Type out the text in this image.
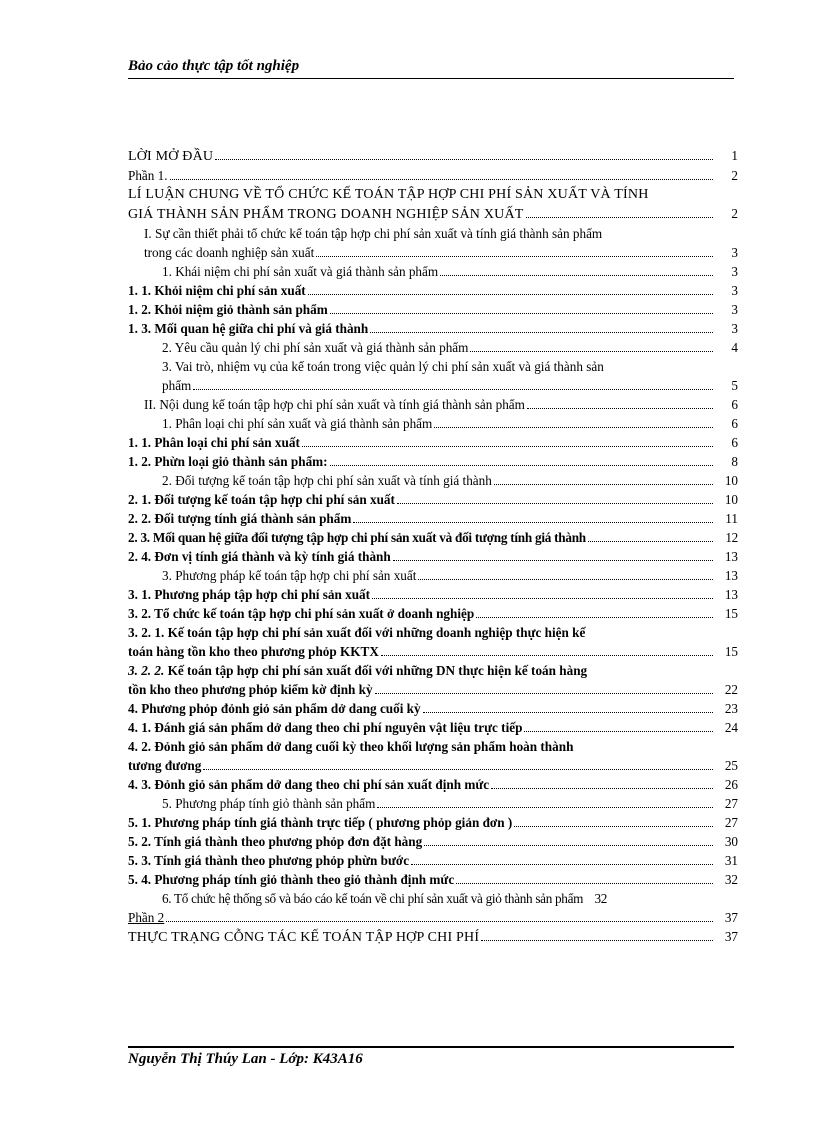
Bảo cảo thực tập tốt nghiệp
LỜI MỞ ĐẦU	1
Phần 1.	2
LÍ LUẬN CHUNG VỀ TỔ CHỨC KẾ TOÁN TẬP HỢP CHI PHÍ SẢN XUẤT VÀ TÍNH
GIÁ THÀNH SẢN PHẨM TRONG DOANH NGHIỆP SẢN XUẤT	2
I. Sự cần thiết phải tổ chức kế toán tập hợp chi phí sản xuất và tính giá thành sản phẩm
trong các doanh nghiệp sản xuất	3
1. Khái niệm chi phí sản xuất và giá thành sản phẩm	3
1. 1. Khỏi niệm chi phí sản xuất	3
1. 2. Khỏi niệm giỏ thành sản phẩm	3
1. 3. Mối quan hệ giữa chi phí và giá thành	3
2. Yêu cầu quản lý chi phí sản xuất và giá thành sản phẩm	4
3. Vai trò, nhiệm vụ của kế toán trong việc quản lý chi phí sản xuất và giá thành sản
phẩm	5
II. Nội dung kế toán tập hợp chi phí sản xuất và tính giá thành sản phẩm	6
1. Phân loại chi phí sản xuất và giá thành sản phẩm	6
1. 1. Phân loại chi phí sản xuất	6
1. 2. Phừn loại giỏ thành sản phẩm:	8
2. Đối tượng kế toán tập hợp chi phí sản xuất và tính giá thành	10
2. 1. Đối tượng kế toán tập hợp chi phí sản xuất	10
2. 2. Đối tượng tính giá thành sản phẩm	11
2. 3. Mối quan hệ giữa đối tượng tập hợp chi phí sản xuất và đối tượng tính giá thành	12
2. 4. Đơn vị tính giá thành và kỳ tính giá thành	13
3. Phương pháp kế toán tập hợp chi phí sản xuất	13
3. 1. Phương pháp tập hợp chi phí sản xuất	13
3. 2. Tổ chức kế toán tập hợp chi phí sản xuất ở doanh nghiệp	15
3. 2. 1. Kế toán tập hợp chi phí sản xuất đối với những doanh nghiệp thực hiện kế
toán hàng tồn kho theo phương phỏp KKTX	15
3. 2. 2. Kế toán tập hợp chi phí sản xuất đối với những DN thực hiện kế toán hàng
tồn kho theo phương phỏp kiểm kờ định kỳ	22
4. Phương phỏp đỏnh giỏ sản phẩm dở dang cuối kỳ	23
4. 1. Đánh giá sản phẩm dở dang theo chi phí nguyên vật liệu trực tiếp	24
4. 2. Đỏnh giỏ sản phẩm dở dang cuối kỳ theo khối lượng sản phẩm hoàn thành
tương đương	25
4. 3. Đỏnh giỏ sản phẩm dở dang theo chi phí sản xuất định mức	26
5. Phương pháp tính giỏ thành sản phẩm	27
5. 1. Phương pháp tính giá thành trực tiếp ( phương phỏp giản đơn )	27
5. 2. Tính giá thành theo phương phỏp đơn đặt hàng	30
5. 3. Tính giá thành theo phương phỏp phừn bước	31
5. 4. Phương pháp tính giỏ thành theo giỏ thành định mức	32
6. Tổ chức hệ thống sổ và báo cáo kế toán về chi phí sản xuất và giỏ thành sản phẩm 32
Phần 2	37
THỰC TRẠNG CỖNG TÁC KẾ TOÁN TẬP HỢP CHI PHÍ	37
Nguyễn Thị Thúy Lan - Lớp: K43A16
